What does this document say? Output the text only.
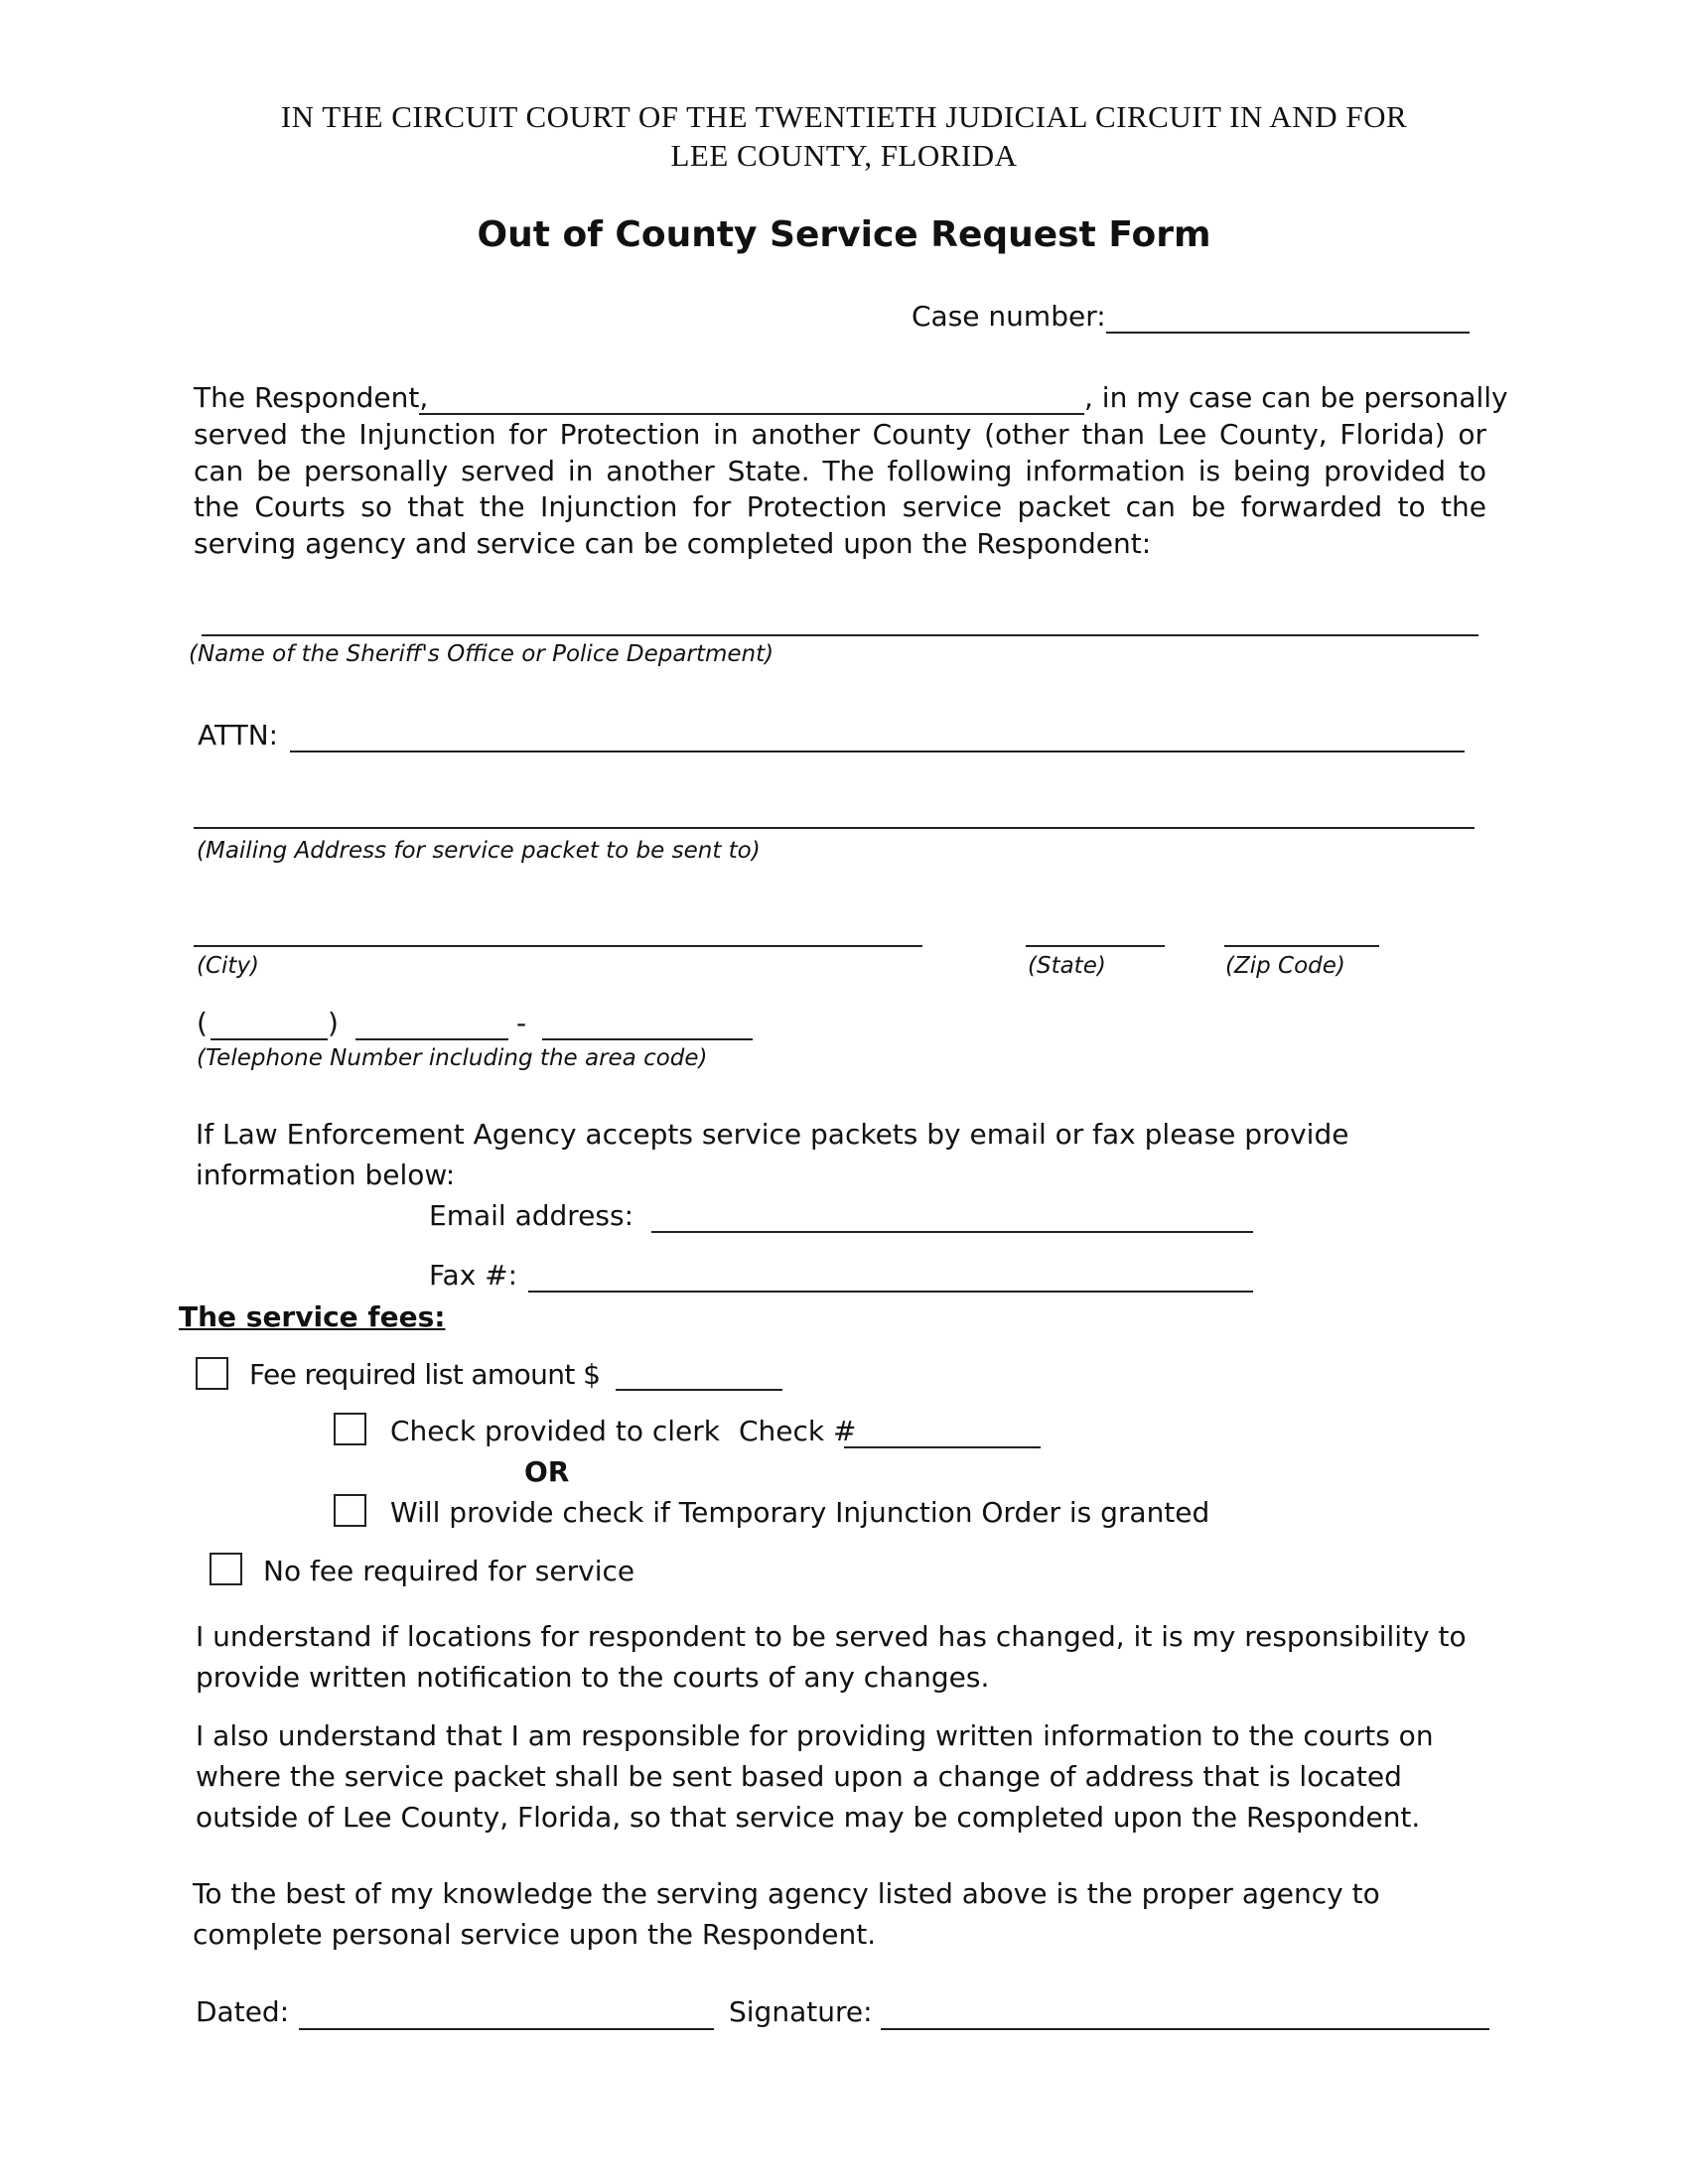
IN THE CIRCUIT COURT OF THE TWENTIETH JUDICIAL CIRCUIT IN AND FOR

LEE COUNTY, FLORIDA

Out of County Service Request Form
Case number:
The Respondent,	, in my case can be personally

served the Injunction for Protection in another County (other than Lee County, Florida) or can be personally served in another State. The following information is being provided to the Courts so that the Injunction for Protection service packet can be forwarded to the serving agency and service can be completed upon the Respondent:

(Name of the Sheriff's Office or Police Department)
ATTN:
(Mailing Address for service packet to be sent to)
(City)	(State)	(Zip Code)
(	)	-
(Telephone Number including the area code)
If Law Enforcement Agency accepts service packets by email or fax please provide
information below:
Email address:
Fax #:
The service fees:
Fee required list amount $
Check provided to clerk Check #
OR
Will provide check if Temporary Injunction Order is granted
No fee required for service
I understand if locations for respondent to be served has changed, it is my responsibility to
provide written notification to the courts of any changes.
I also understand that I am responsible for providing written information to the courts on
where the service packet shall be sent based upon a change of address that is located
outside of Lee County, Florida, so that service may be completed upon the Respondent.
To the best of my knowledge the serving agency listed above is the proper agency to
complete personal service upon the Respondent.
Dated:	Signature:
